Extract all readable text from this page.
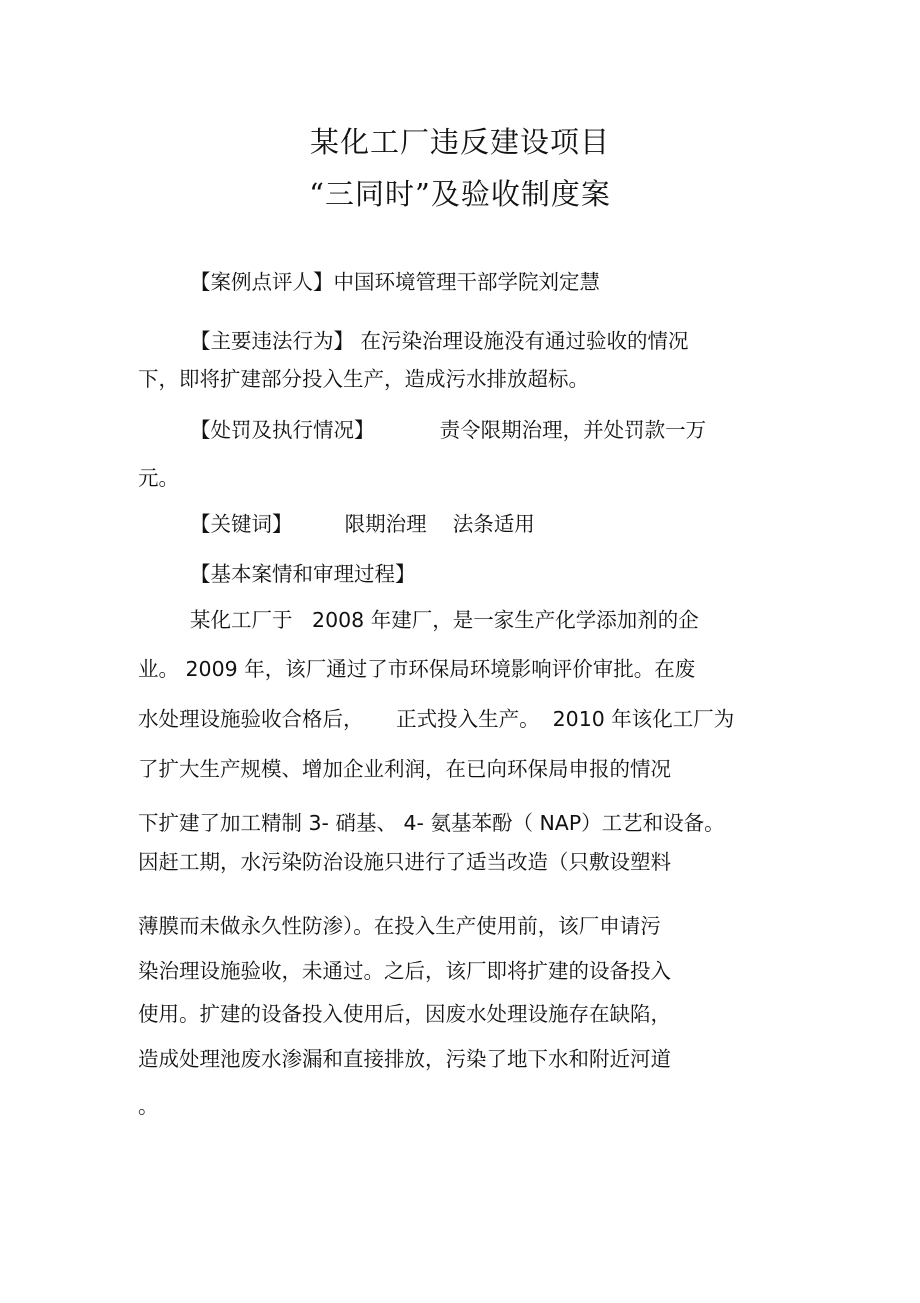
某化工厂违反建设项目
“三同时”及验收制度案
【案例点评人】中国环境管理干部学院刘定慧
【主要违法行为】 在污染治理设施没有通过验收的情况
下，即将扩建部分投入生产，造成污水排放超标。
【处罚及执行情况】          责令限期治理，并处罚款一万
元。
【关键词】        限期治理    法条适用
【基本案情和审理过程】
某化工厂于   2008 年建厂，是一家生产化学添加剂的企
业。 2009 年，该厂通过了市环保局环境影响评价审批。在废
水处理设施验收合格后，     正式投入生产。  2010 年该化工厂为
了扩大生产规模、增加企业利润，在已向环保局申报的情况
下扩建了加工精制 3- 硝基、 4- 氨基苯酚（ NAP）工艺和设备。
因赶工期，水污染防治设施只进行了适当改造（只敷设塑料
薄膜而未做永久性防渗）。在投入生产使用前，该厂申请污
染治理设施验收，未通过。之后，该厂即将扩建的设备投入
使用。扩建的设备投入使用后，因废水处理设施存在缺陷，
造成处理池废水渗漏和直接排放，污染了地下水和附近河道
。
